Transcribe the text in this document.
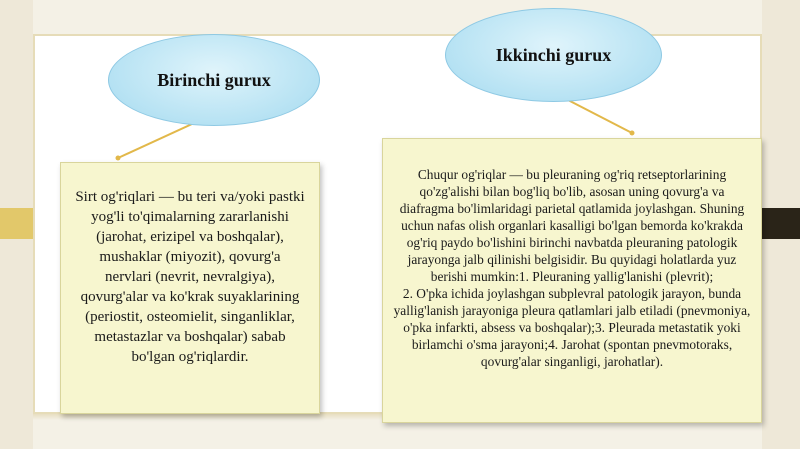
Birinchi gurux
Ikkinchi gurux

Sirt og'riqlari — bu teri va/yoki pastki yog'li to'qimalarning zararlanishi (jarohat, erizipel va boshqalar), mushaklar (miyozit), qovurg'a nervlari (nevrit, nevralgiya), qovurg'alar va ko'krak suyaklarining (periostit, osteomielit, singanliklar, metastazlar va boshqalar) sabab bo'lgan og'riqlardir.

Chuqur og'riqlar — bu pleuraning og'riq retseptorlarining qo'zg'alishi bilan bog'liq bo'lib, asosan uning qovurg'a va diafragma bo'limlaridagi parietal qatlamida joylashgan. Shuning uchun nafas olish organlari kasalligi bo'lgan bemorda ko'krakda og'riq paydo bo'lishini birinchi navbatda pleuraning patologik jarayonga jalb qilinishi belgisidir. Bu quyidagi holatlarda yuz berishi mumkin:1. Pleuraning yallig'lanishi (plevrit);

2. O'pka ichida joylashgan subplevral patologik jarayon, bunda yallig'lanish jarayoniga pleura qatlamlari jalb etiladi (pnevmoniya, o'pka infarkti, absess va boshqalar);3. Pleurada metastatik yoki birlamchi o'sma jarayoni;4. Jarohat (spontan pnevmotoraks, qovurg'alar singanligi, jarohatlar).
